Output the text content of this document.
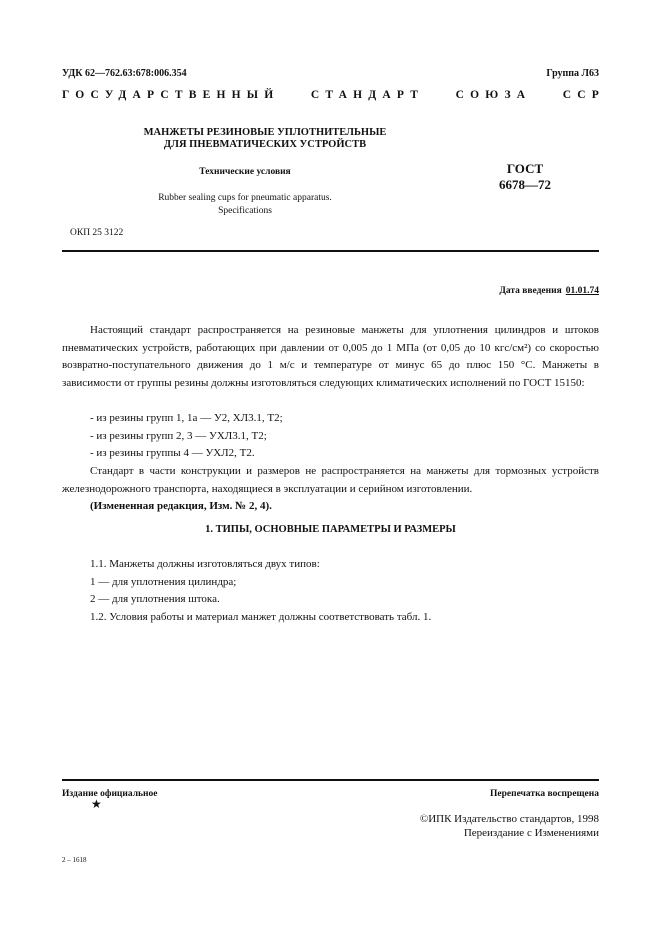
УДК 62—762.63:678:006.354	Группа Л63
ГОСУДАРСТВЕННЫЙ	СТАНДАРТ	СОЮЗА	ССР
МАНЖЕТЫ РЕЗИНОВЫЕ УПЛОТНИТЕЛЬНЫЕ
ДЛЯ ПНЕВМАТИЧЕСКИХ УСТРОЙСТВ
Технические условия
Rubber sealing cups for pneumatic apparatus.
Specifications
ГОСТ
6678—72
ОКП 25 3122
Дата введения 01.01.74
Настоящий стандарт распространяется на резиновые манжеты для уплотнения цилиндров и штоков пневматических устройств, работающих при давлении от 0,005 до 1 МПа (от 0,05 до 10 кгс/см²) со скоростью возвратно-поступательного движения до 1 м/с и температуре от минус 65 до плюс 150 °С. Манжеты в зависимости от группы резины должны изготовляться следующих климатических исполнений по ГОСТ 15150:
- из резины групп 1, 1а — У2, ХЛ3.1, Т2;
- из резины групп 2, 3 — УХЛ3.1, Т2;
- из резины группы 4 — УХЛ2, Т2.
Стандарт в части конструкции и размеров не распространяется на манжеты для тормозных устройств железнодорожного транспорта, находящиеся в эксплуатации и серийном изготовлении.
(Измененная редакция, Изм. № 2, 4).
1. ТИПЫ, ОСНОВНЫЕ ПАРАМЕТРЫ И РАЗМЕРЫ
1.1. Манжеты должны изготовляться двух типов:
1 — для уплотнения цилиндра;
2 — для уплотнения штока.
1.2. Условия работы и материал манжет должны соответствовать табл. 1.
Издание официальное
★
Перепечатка воспрещена
©ИПК Издательство стандартов, 1998
Переиздание с Изменениями
2 – 1618
